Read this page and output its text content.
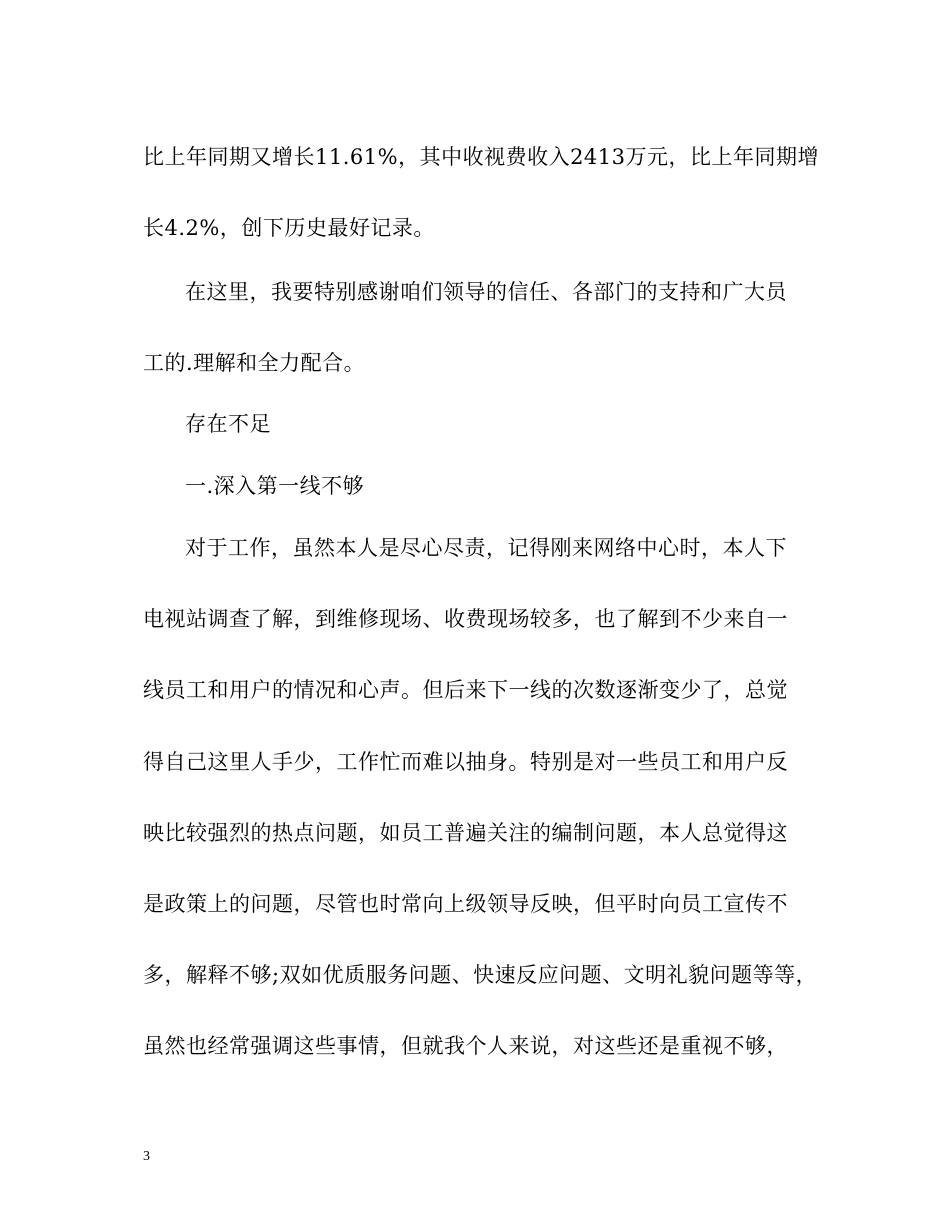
比上年同期又增长11.61%，其中收视费收入2413万元，比上年同期增
长4.2%，创下历史最好记录。
在这里，我要特别感谢咱们领导的信任、各部门的支持和广大员
工的.理解和全力配合。
存在不足
一.深入第一线不够
对于工作，虽然本人是尽心尽责，记得刚来网络中心时，本人下
电视站调查了解，到维修现场、收费现场较多，也了解到不少来自一
线员工和用户的情况和心声。但后来下一线的次数逐渐变少了，总觉
得自己这里人手少，工作忙而难以抽身。特别是对一些员工和用户反
映比较强烈的热点问题，如员工普遍关注的编制问题，本人总觉得这
是政策上的问题，尽管也时常向上级领导反映，但平时向员工宣传不
多，解释不够;双如优质服务问题、快速反应问题、文明礼貌问题等等，
虽然也经常强调这些事情，但就我个人来说，对这些还是重视不够，
3
